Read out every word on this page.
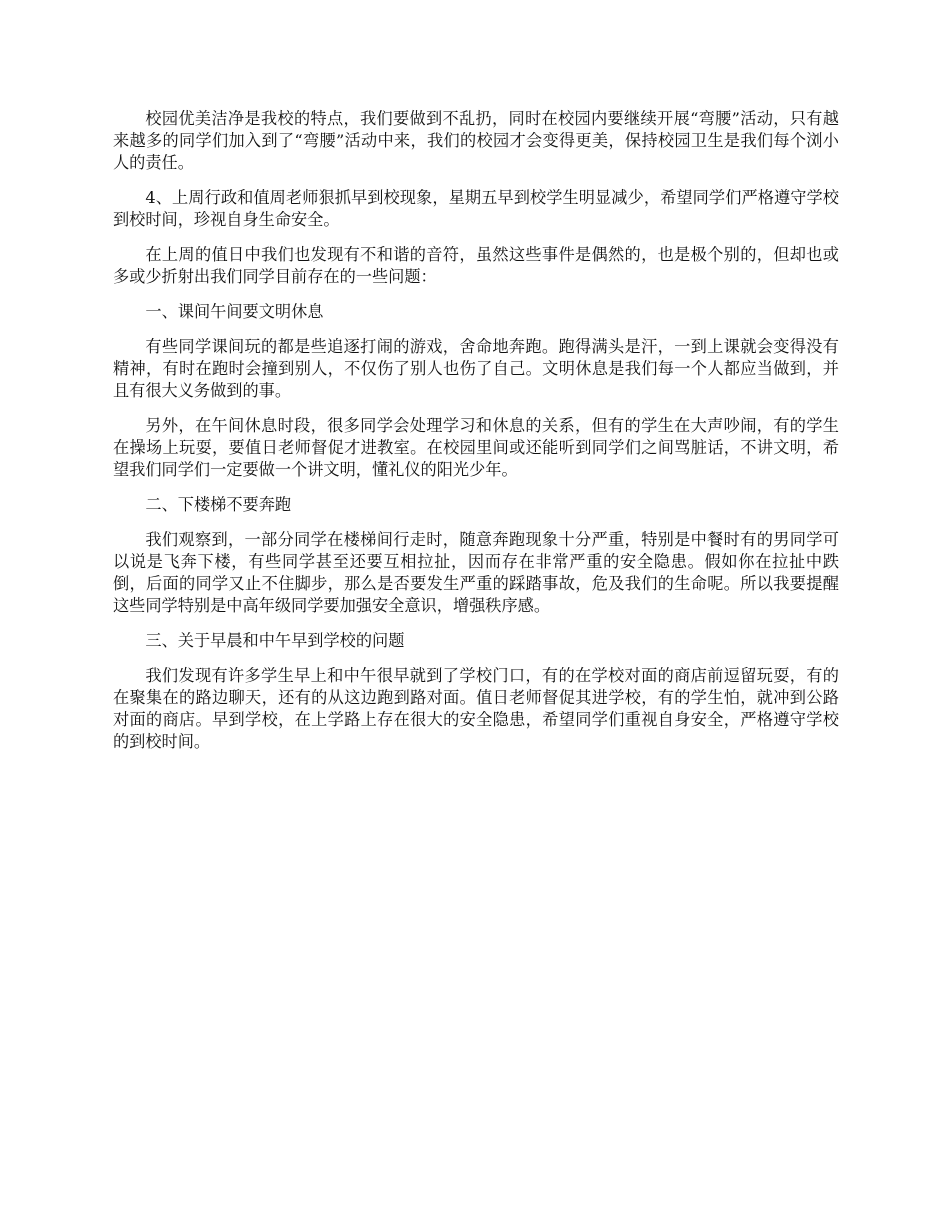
校园优美洁净是我校的特点，我们要做到不乱扔，同时在校园内要继续开展“弯腰”活动，只有越来越多的同学们加入到了“弯腰”活动中来，我们的校园才会变得更美，保持校园卫生是我们每个浏小人的责任。

4、上周行政和值周老师狠抓早到校现象，星期五早到校学生明显减少，希望同学们严格遵守学校到校时间，珍视自身生命安全。

在上周的值日中我们也发现有不和谐的音符，虽然这些事件是偶然的，也是极个别的，但却也或多或少折射出我们同学目前存在的一些问题：

一、课间午间要文明休息

有些同学课间玩的都是些追逐打闹的游戏，舍命地奔跑。跑得满头是汗，一到上课就会变得没有精神，有时在跑时会撞到别人，不仅伤了别人也伤了自己。文明休息是我们每一个人都应当做到，并且有很大义务做到的事。

另外，在午间休息时段，很多同学会处理学习和休息的关系，但有的学生在大声吵闹，有的学生在操场上玩耍，要值日老师督促才进教室。在校园里间或还能听到同学们之间骂脏话，不讲文明，希望我们同学们一定要做一个讲文明，懂礼仪的阳光少年。

二、下楼梯不要奔跑

我们观察到，一部分同学在楼梯间行走时，随意奔跑现象十分严重，特别是中餐时有的男同学可以说是飞奔下楼，有些同学甚至还要互相拉扯，因而存在非常严重的安全隐患。假如你在拉扯中跌倒，后面的同学又止不住脚步，那么是否要发生严重的踩踏事故，危及我们的生命呢。所以我要提醒这些同学特别是中高年级同学要加强安全意识，增强秩序感。

三、关于早晨和中午早到学校的问题

我们发现有许多学生早上和中午很早就到了学校门口，有的在学校对面的商店前逗留玩耍，有的在聚集在的路边聊天，还有的从这边跑到路对面。值日老师督促其进学校，有的学生怕，就冲到公路对面的商店。早到学校，在上学路上存在很大的安全隐患，希望同学们重视自身安全，严格遵守学校的到校时间。
